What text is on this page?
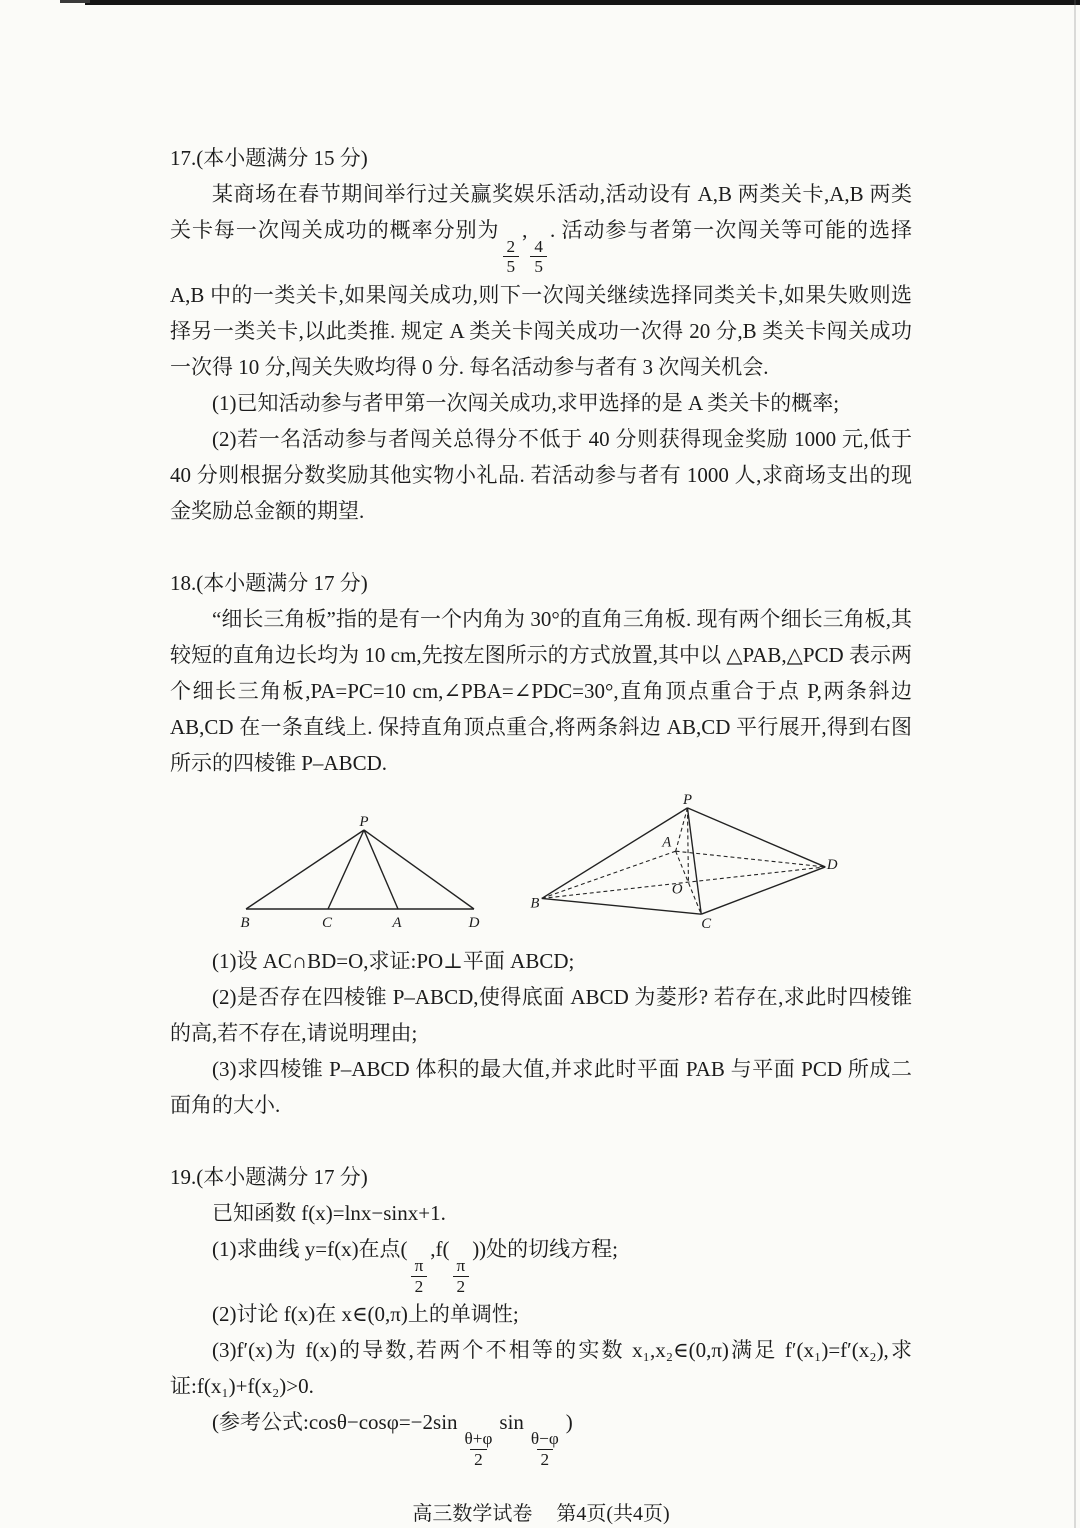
17.(本小题满分 15 分)

某商场在春节期间举行过关赢奖娱乐活动,活动设有 A,B 两类关卡,A,B 两类关卡每一次闯关成功的概率分别为
$\frac{2}{5}$
,
$\frac{4}{5}$
. 活动参与者第一次闯关等可能的选择 A,B 中的一类关卡,如果闯关成功,则下一次闯关继续选择同类关卡,如果失败则选择另一类关卡,以此类推. 规定 A 类关卡闯关成功一次得 20 分,B 类关卡闯关成功一次得 10 分,闯关失败均得 0 分. 每名活动参与者有 3 次闯关机会.

(1)已知活动参与者甲第一次闯关成功,求甲选择的是 A 类关卡的概率;

(2)若一名活动参与者闯关总得分不低于 40 分则获得现金奖励 1000 元,低于 40 分则根据分数奖励其他实物小礼品. 若活动参与者有 1000 人,求商场支出的现金奖励总金额的期望.

18.(本小题满分 17 分)

“细长三角板”指的是有一个内角为 30°的直角三角板. 现有两个细长三角板,其较短的直角边长均为 10 cm,先按左图所示的方式放置,其中以 △PAB,△PCD 表示两个细长三角板,PA=PC=10 cm,∠PBA=∠PDC=30°,直角顶点重合于点 P,两条斜边 AB,CD 在一条直线上. 保持直角顶点重合,将两条斜边 AB,CD 平行展开,得到右图所示的四棱锥 P–ABCD.

P
B	C	A	D
P
A
B
C
D
O

(1)设 AC∩BD=O,求证:PO⊥平面 ABCD;

(2)是否存在四棱锥 P–ABCD,使得底面 ABCD 为菱形? 若存在,求此时四棱锥的高,若不存在,请说明理由;

(3)求四棱锥 P–ABCD 体积的最大值,并求此时平面 PAB 与平面 PCD 所成二面角的大小.

19.(本小题满分 17 分)

已知函数 f(x)=lnx−sinx+1.

(1)求曲线 y=f(x)在点(
$\frac{\pi}{2}$
,f(
$\frac{\pi}{2}$
))处的切线方程;

(2)讨论 f(x)在 x∈(0,π)上的单调性;

(3)f′(x)为 f(x)的导数,若两个不相等的实数 x₁,x₂∈(0,π)满足 f′(x₁)=f′(x₂),求证:f(x₁)+f(x₂)>0.

(参考公式:cosθ−cosφ=−2sin
$\frac{\theta+\varphi}{2}$
sin
$\frac{\theta-\varphi}{2}$
)

高三数学试卷 第4页(共4页)
